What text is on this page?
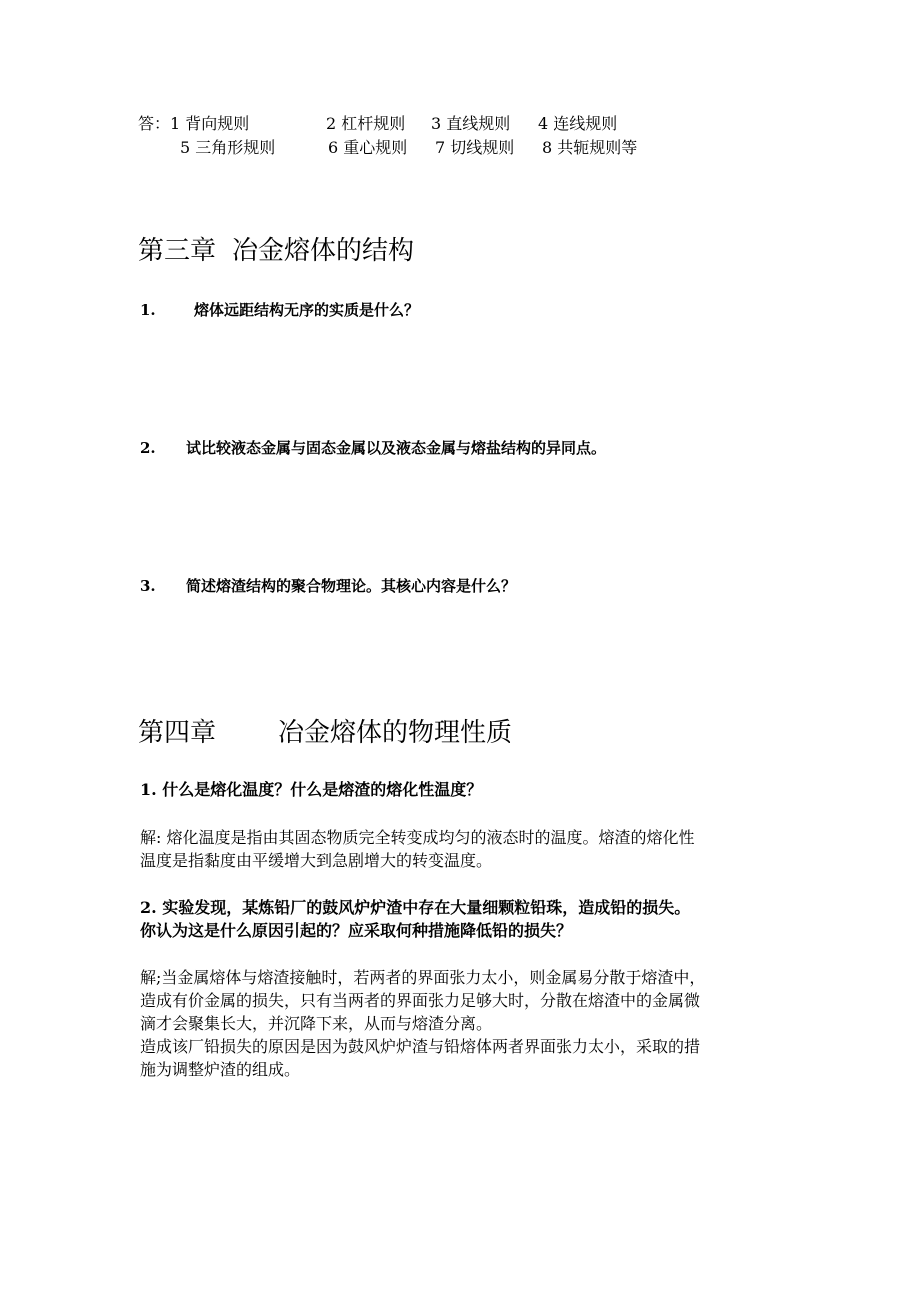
答：1 背向规则	2 杠杆规则 3 直线规则 4 连线规则
5 三角形规则	6 重心规则 7 切线规则 8 共轭规则等
第三章 冶金熔体的结构
1.	熔体远距结构无序的实质是什么？
2. 试比较液态金属与固态金属以及液态金属与熔盐结构的异同点。
3. 简述熔渣结构的聚合物理论。其核心内容是什么？
第四章 冶金熔体的物理性质
1. 什么是熔化温度？什么是熔渣的熔化性温度？
解: 熔化温度是指由其固态物质完全转变成均匀的液态时的温度。熔渣的熔化性
温度是指黏度由平缓增大到急剧增大的转变温度。
2. 实验发现，某炼铅厂的鼓风炉炉渣中存在大量细颗粒铅珠，造成铅的损失。
你认为这是什么原因引起的？应采取何种措施降低铅的损失？
解;当金属熔体与熔渣接触时，若两者的界面张力太小，则金属易分散于熔渣中，
造成有价金属的损失，只有当两者的界面张力足够大时，分散在熔渣中的金属微
滴才会聚集长大，并沉降下来，从而与熔渣分离。
造成该厂铅损失的原因是因为鼓风炉炉渣与铅熔体两者界面张力太小，采取的措
施为调整炉渣的组成。
